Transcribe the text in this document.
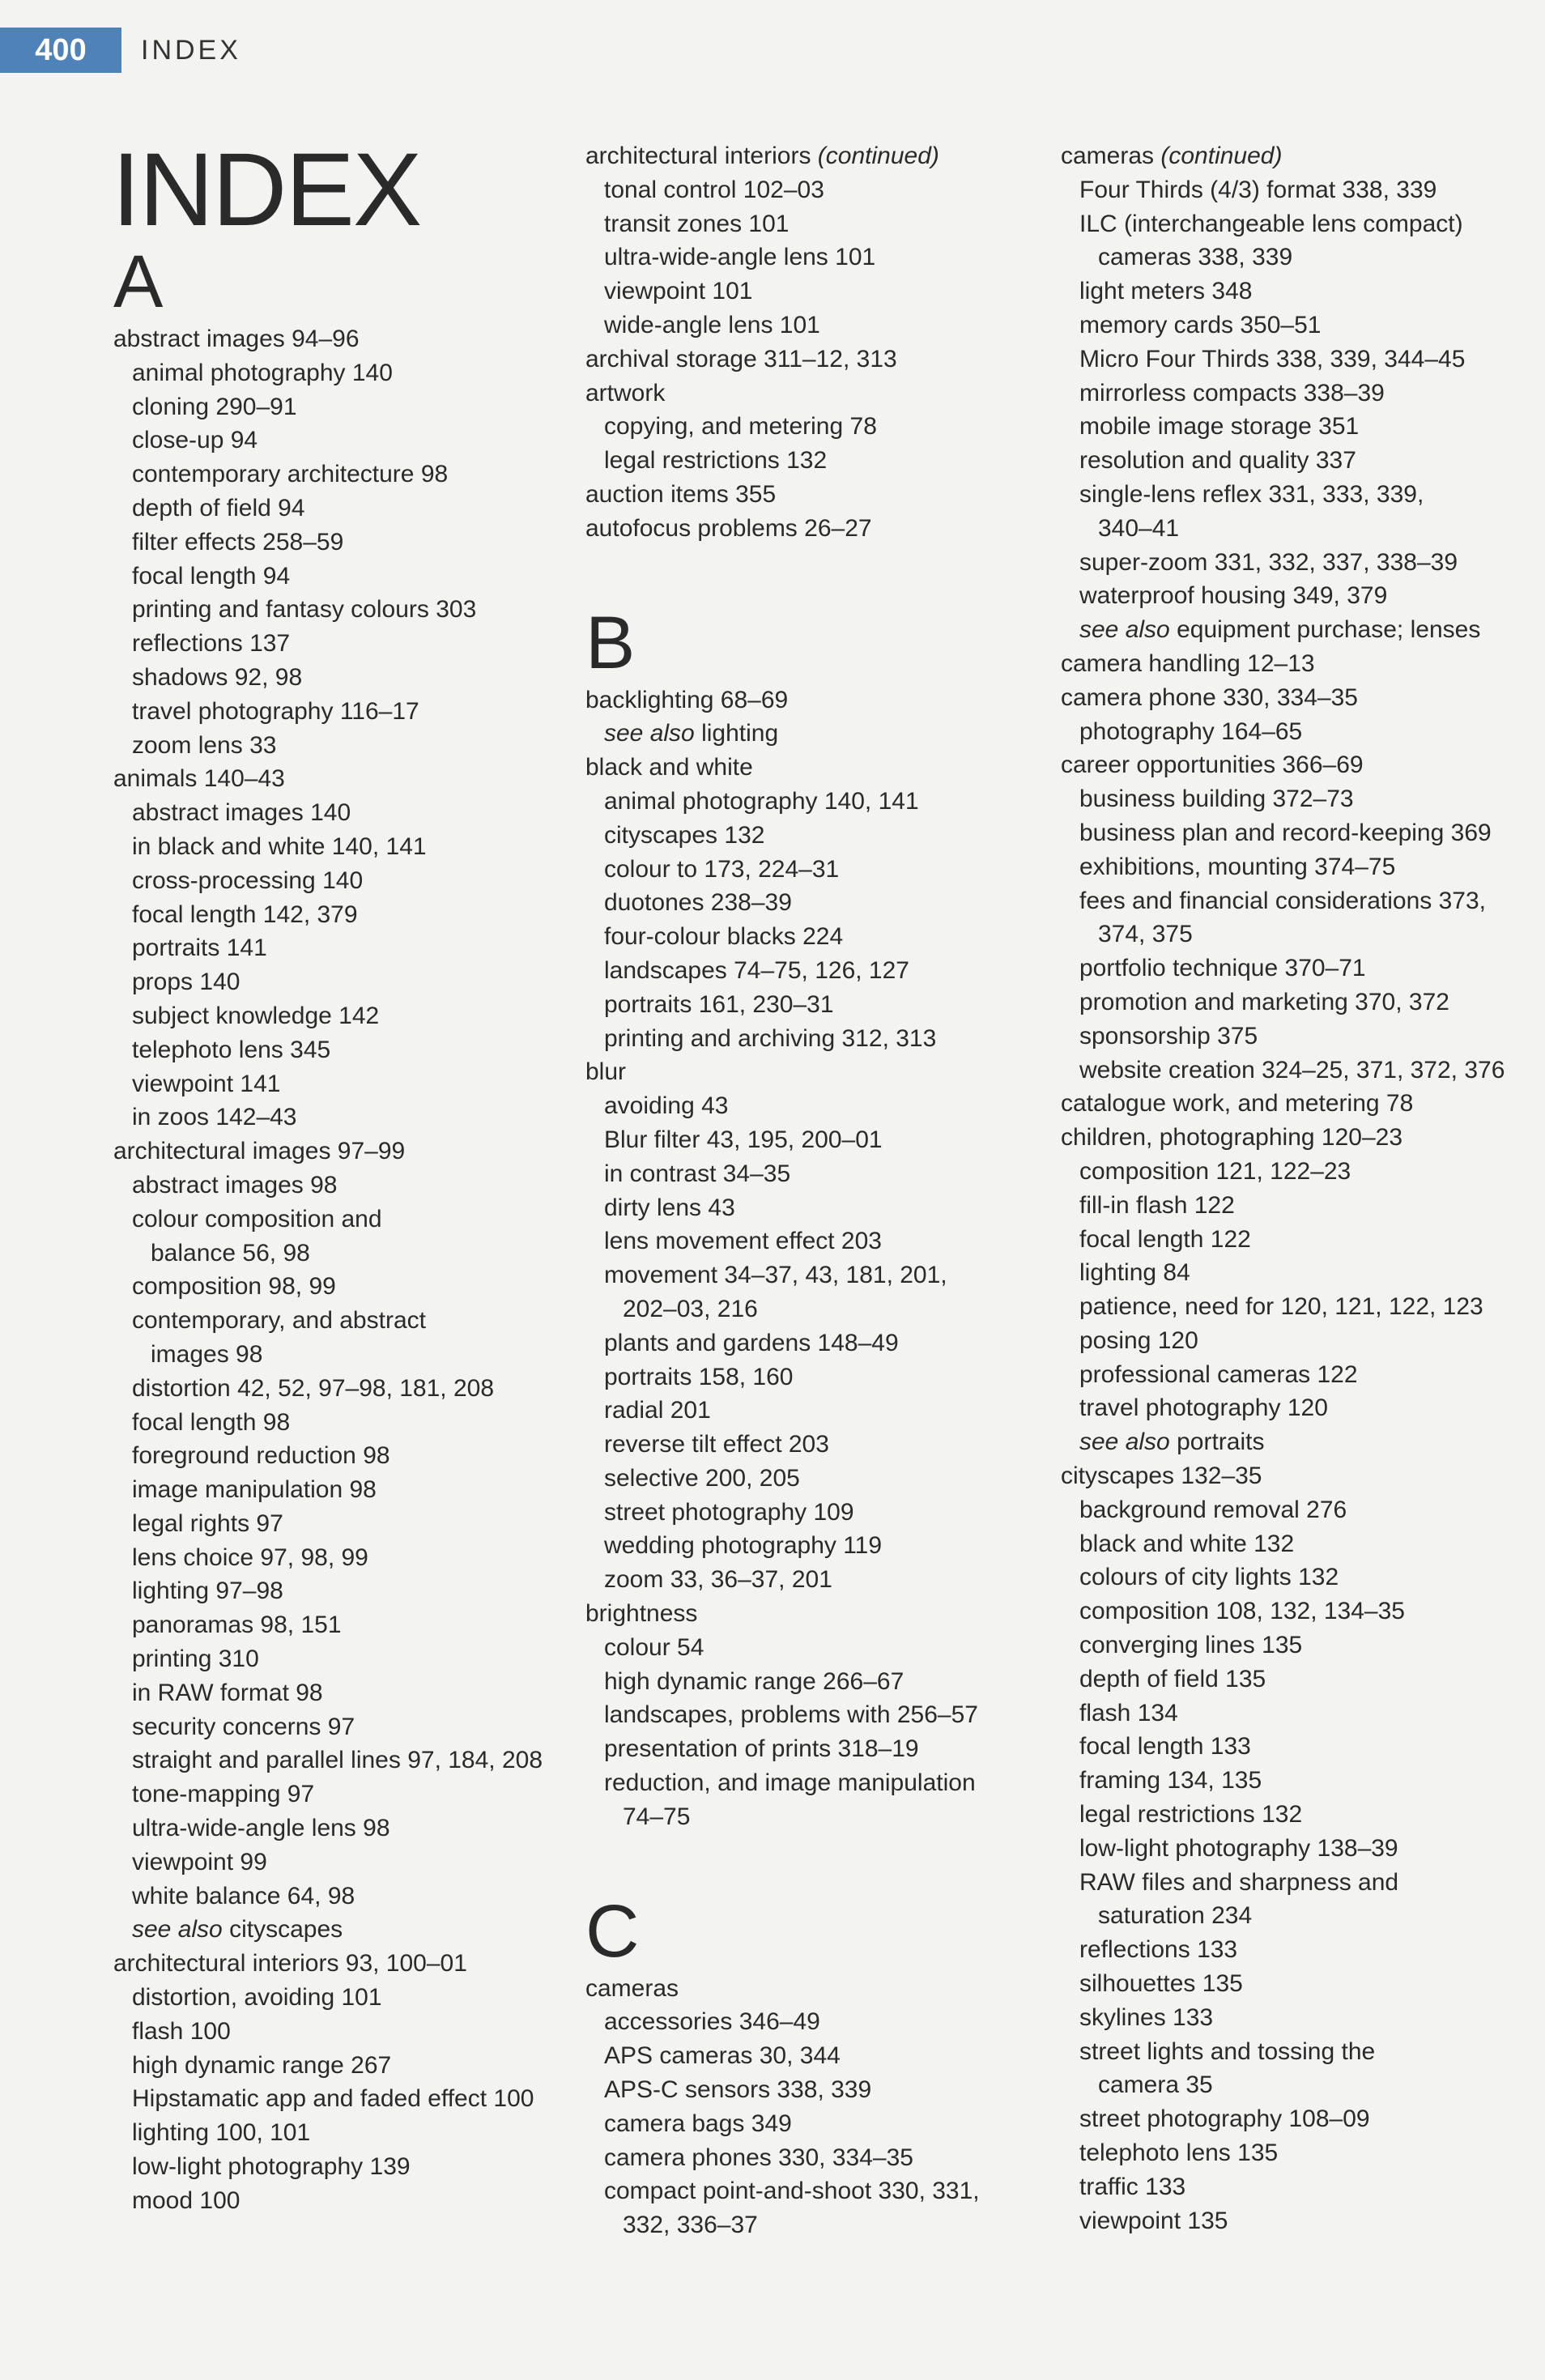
400	INDEX
INDEX
A
abstract images 94–96
animal photography 140
cloning 290–91
close-up 94
contemporary architecture 98
depth of field 94
filter effects 258–59
focal length 94
printing and fantasy colours 303
reflections 137
shadows 92, 98
travel photography 116–17
zoom lens 33
animals 140–43
abstract images 140
in black and white 140, 141
cross-processing 140
focal length 142, 379
portraits 141
props 140
subject knowledge 142
telephoto lens 345
viewpoint 141
in zoos 142–43
architectural images 97–99
abstract images 98
colour composition and
balance 56, 98
composition 98, 99
contemporary, and abstract
images 98
distortion 42, 52, 97–98, 181, 208
focal length 98
foreground reduction 98
image manipulation 98
legal rights 97
lens choice 97, 98, 99
lighting 97–98
panoramas 98, 151
printing 310
in RAW format 98
security concerns 97
straight and parallel lines 97, 184, 208
tone-mapping 97
ultra-wide-angle lens 98
viewpoint 99
white balance 64, 98
see also cityscapes
architectural interiors 93, 100–01
distortion, avoiding 101
flash 100
high dynamic range 267
Hipstamatic app and faded effect 100
lighting 100, 101
low-light photography 139
mood 100
architectural interiors (continued)
tonal control 102–03
transit zones 101
ultra-wide-angle lens 101
viewpoint 101
wide-angle lens 101
archival storage 311–12, 313
artwork
copying, and metering 78
legal restrictions 132
auction items 355
autofocus problems 26–27
B
backlighting 68–69
see also lighting
black and white
animal photography 140, 141
cityscapes 132
colour to 173, 224–31
duotones 238–39
four-colour blacks 224
landscapes 74–75, 126, 127
portraits 161, 230–31
printing and archiving 312, 313
blur
avoiding 43
Blur filter 43, 195, 200–01
in contrast 34–35
dirty lens 43
lens movement effect 203
movement 34–37, 43, 181, 201,
202–03, 216
plants and gardens 148–49
portraits 158, 160
radial 201
reverse tilt effect 203
selective 200, 205
street photography 109
wedding photography 119
zoom 33, 36–37, 201
brightness
colour 54
high dynamic range 266–67
landscapes, problems with 256–57
presentation of prints 318–19
reduction, and image manipulation
74–75
C
cameras
accessories 346–49
APS cameras 30, 344
APS-C sensors 338, 339
camera bags 349
camera phones 330, 334–35
compact point-and-shoot 330, 331,
332, 336–37
cameras (continued)
Four Thirds (4/3) format 338, 339
ILC (interchangeable lens compact)
cameras 338, 339
light meters 348
memory cards 350–51
Micro Four Thirds 338, 339, 344–45
mirrorless compacts 338–39
mobile image storage 351
resolution and quality 337
single-lens reflex 331, 333, 339,
340–41
super-zoom 331, 332, 337, 338–39
waterproof housing 349, 379
see also equipment purchase; lenses
camera handling 12–13
camera phone 330, 334–35
photography 164–65
career opportunities 366–69
business building 372–73
business plan and record-keeping 369
exhibitions, mounting 374–75
fees and financial considerations 373,
374, 375
portfolio technique 370–71
promotion and marketing 370, 372
sponsorship 375
website creation 324–25, 371, 372, 376
catalogue work, and metering 78
children, photographing 120–23
composition 121, 122–23
fill-in flash 122
focal length 122
lighting 84
patience, need for 120, 121, 122, 123
posing 120
professional cameras 122
travel photography 120
see also portraits
cityscapes 132–35
background removal 276
black and white 132
colours of city lights 132
composition 108, 132, 134–35
converging lines 135
depth of field 135
flash 134
focal length 133
framing 134, 135
legal restrictions 132
low-light photography 138–39
RAW files and sharpness and
saturation 234
reflections 133
silhouettes 135
skylines 133
street lights and tossing the
camera 35
street photography 108–09
telephoto lens 135
traffic 133
viewpoint 135
